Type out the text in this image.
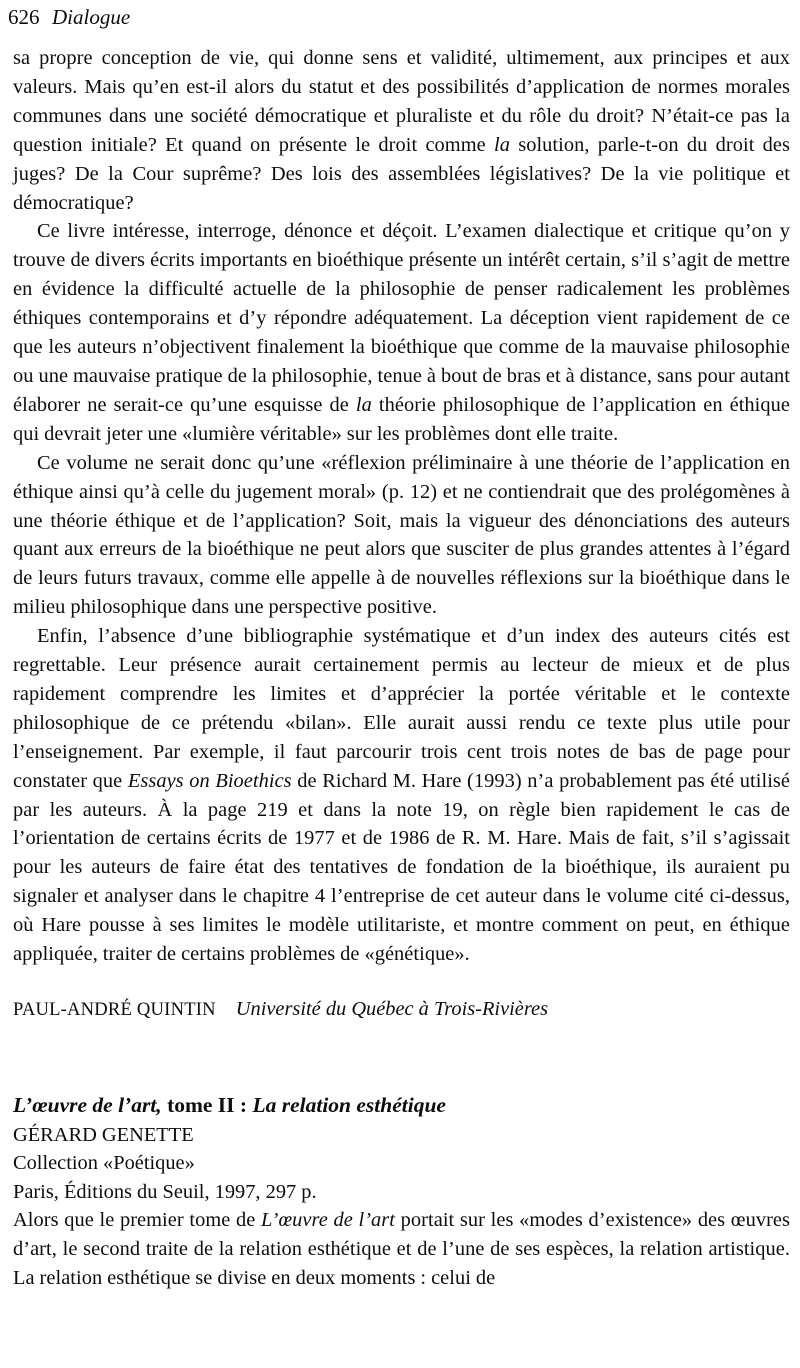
626 Dialogue

sa propre conception de vie, qui donne sens et validité, ultimement, aux principes et aux valeurs. Mais qu’en est-il alors du statut et des possibilités d’application de normes morales communes dans une société démocratique et pluraliste et du rôle du droit? N’était-ce pas la question initiale? Et quand on présente le droit comme la solution, parle-t-on du droit des juges? De la Cour suprême? Des lois des assemblées législatives? De la vie politique et démocratique?

Ce livre intéresse, interroge, dénonce et déçoit. L’examen dialectique et critique qu’on y trouve de divers écrits importants en bioéthique présente un intérêt certain, s’il s’agit de mettre en évidence la difficulté actuelle de la philosophie de penser radicalement les problèmes éthiques contemporains et d’y répondre adéquatement. La déception vient rapidement de ce que les auteurs n’objectivent finalement la bioéthique que comme de la mauvaise philosophie ou une mauvaise pratique de la philosophie, tenue à bout de bras et à distance, sans pour autant élaborer ne serait-ce qu’une esquisse de la théorie philosophique de l’application en éthique qui devrait jeter une «lumière véritable» sur les problèmes dont elle traite.

Ce volume ne serait donc qu’une «réflexion préliminaire à une théorie de l’application en éthique ainsi qu’à celle du jugement moral» (p. 12) et ne contiendrait que des prolégomènes à une théorie éthique et de l’application? Soit, mais la vigueur des dénonciations des auteurs quant aux erreurs de la bioéthique ne peut alors que susciter de plus grandes attentes à l’égard de leurs futurs travaux, comme elle appelle à de nouvelles réflexions sur la bioéthique dans le milieu philosophique dans une perspective positive.

Enfin, l’absence d’une bibliographie systématique et d’un index des auteurs cités est regrettable. Leur présence aurait certainement permis au lecteur de mieux et de plus rapidement comprendre les limites et d’apprécier la portée véritable et le contexte philosophique de ce prétendu «bilan». Elle aurait aussi rendu ce texte plus utile pour l’enseignement. Par exemple, il faut parcourir trois cent trois notes de bas de page pour constater que Essays on Bioethics de Richard M. Hare (1993) n’a probablement pas été utilisé par les auteurs. À la page 219 et dans la note 19, on règle bien rapidement le cas de l’orientation de certains écrits de 1977 et de 1986 de R. M. Hare. Mais de fait, s’il s’agissait pour les auteurs de faire état des tentatives de fondation de la bioéthique, ils auraient pu signaler et analyser dans le chapitre 4 l’entreprise de cet auteur dans le volume cité ci-dessus, où Hare pousse à ses limites le modèle utilitariste, et montre comment on peut, en éthique appliquée, traiter de certains problèmes de «génétique».

PAUL-ANDRÉ QUINTIN Université du Québec à Trois-Rivières
L’œuvre de l’art, tome II : La relation esthétique
GÉRARD GENETTE
Collection «Poétique»
Paris, Éditions du Seuil, 1997, 297 p.

Alors que le premier tome de L’œuvre de l’art portait sur les «modes d’existence» des œuvres d’art, le second traite de la relation esthétique et de l’une de ses espèces, la relation artistique. La relation esthétique se divise en deux moments : celui de
